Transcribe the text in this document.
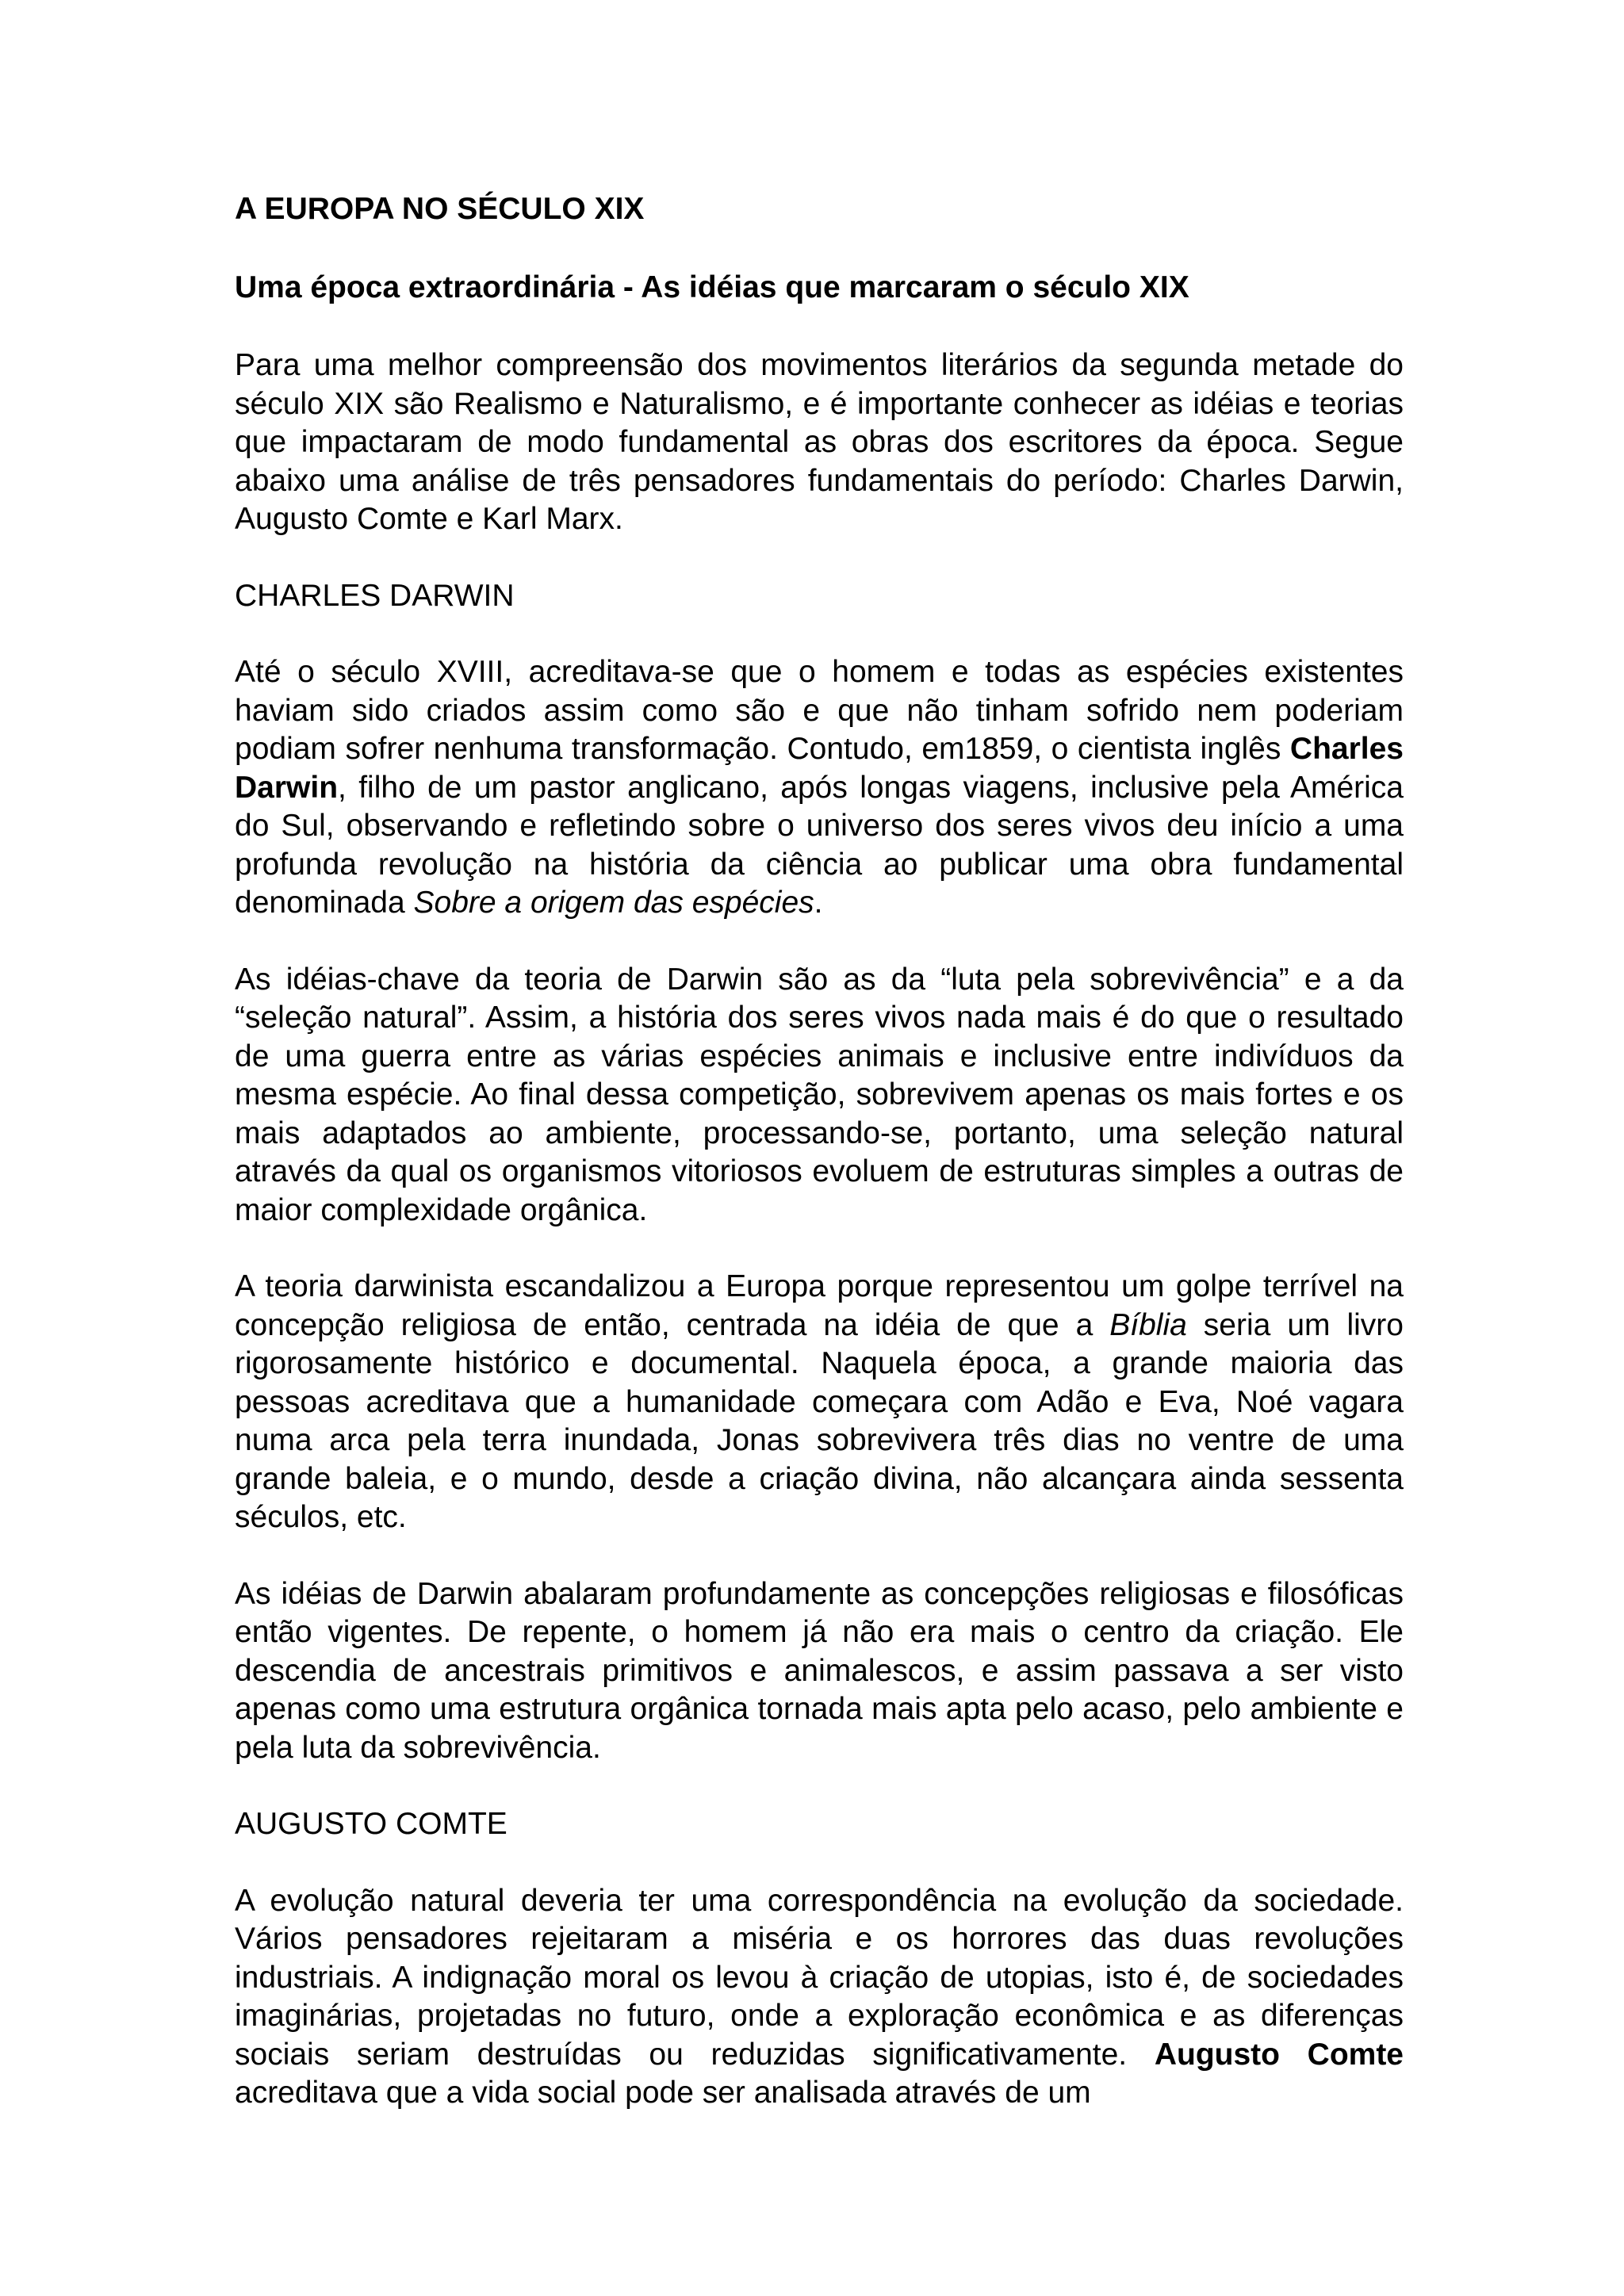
A EUROPA NO SÉCULO XIX
Uma época extraordinária - As idéias que marcaram o século XIX
Para uma melhor compreensão dos movimentos literários da segunda metade do século XIX são Realismo e Naturalismo, e é importante conhecer as idéias e teorias que impactaram de modo fundamental as obras dos escritores da época. Segue abaixo uma análise de três pensadores fundamentais do período: Charles Darwin, Augusto Comte e Karl Marx.
CHARLES DARWIN
Até o século XVIII, acreditava-se que o homem e todas as espécies existentes haviam sido criados assim como são e que não tinham sofrido nem poderiam podiam sofrer nenhuma transformação. Contudo, em1859, o cientista inglês Charles Darwin, filho de um pastor anglicano, após longas viagens, inclusive pela América do Sul, observando e refletindo sobre o universo dos seres vivos deu início a uma profunda revolução na história da ciência ao publicar uma obra fundamental denominada Sobre a origem das espécies.
As idéias-chave da teoria de Darwin são as da “luta pela sobrevivência” e a da “seleção natural”. Assim, a história dos seres vivos nada mais é do que o resultado de uma guerra entre as várias espécies animais e inclusive entre indivíduos da mesma espécie. Ao final dessa competição, sobrevivem apenas os mais fortes e os mais adaptados ao ambiente, processando-se, portanto, uma seleção natural através da qual os organismos vitoriosos evoluem de estruturas simples a outras de maior complexidade orgânica.
A teoria darwinista escandalizou a Europa porque representou um golpe terrível na concepção religiosa de então, centrada na idéia de que a Bíblia seria um livro rigorosamente histórico e documental. Naquela época, a grande maioria das pessoas acreditava que a humanidade começara com Adão e Eva, Noé vagara numa arca pela terra inundada, Jonas sobrevivera três dias no ventre de uma grande baleia, e o mundo, desde a criação divina, não alcançara ainda sessenta séculos, etc.
As idéias de Darwin abalaram profundamente as concepções religiosas e filosóficas então vigentes. De repente, o homem já não era mais o centro da criação. Ele descendia de ancestrais primitivos e animalescos, e assim passava a ser visto apenas como uma estrutura orgânica tornada mais apta pelo acaso, pelo ambiente e pela luta da sobrevivência.
AUGUSTO COMTE
A evolução natural deveria ter uma correspondência na evolução da sociedade. Vários pensadores rejeitaram a miséria e os horrores das duas revoluções industriais. A indignação moral os levou à criação de utopias, isto é, de sociedades imaginárias, projetadas no futuro, onde a exploração econômica e as diferenças sociais seriam destruídas ou reduzidas significativamente. Augusto Comte acreditava que a vida social pode ser analisada através de um
